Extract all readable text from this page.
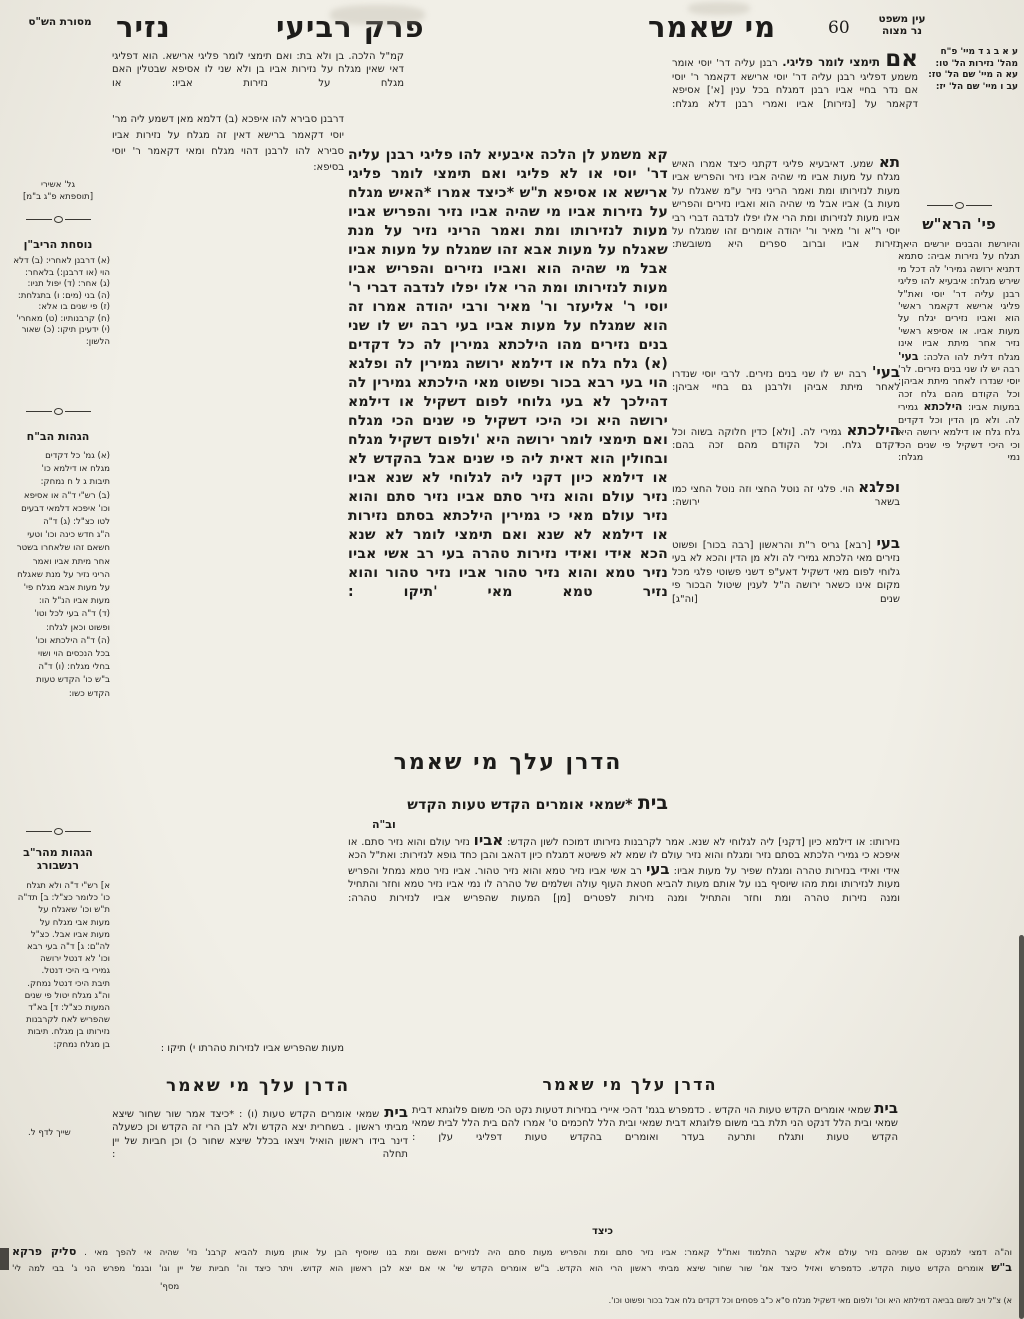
מסורת הש"ס נזיר	פרק רביעי	מי שאמר	60	עין משפט
נר מצוה
ע א ב ג ד מיי' פ"ח
מהל' נזירות הל' טו:
עא ה מיי' שם הל' טז:
עב ו מיי' שם הל' יז:
פי' הרא"ש
והיורשת והבנים יורשים היאך תגלח על נזירות אביה: סתמא דתניא ירושה גמירי' לה דכל מי שירש מגלח: איבעיא להו פליגי רבנן עליה דר' יוסי ואת"ל פליגי ארישא דקאמר ראשי' הוא ואביו נזירים יגלח על מעות אביו. או אסיפא ראשי' נזיר אחר מיתת אביו אינו מגלח דלית להו הלכה: בעי' רבה יש לו שני בנים נזירים. לר' יוסי שנדרו לאחר מיתת אביהן: וכל הקודם מהם גלח זכה במעות אביו: הילכתא גמירי לה. ולא מן הדין וכל דקדים גלח גלח או דילמא ירושה היא וכי היכי דשקיל פי שנים הכי נמי מגלח:
גל' אשירי
[תוספתא פ"ג ב"מ]
נוסחת הריב"ן
(א) דרבנן לאחרי: (ב) דלא
הוי (או דרבנן:) בלאחר:
(ג) אחר: (ד) יפול תניו:
(ה) בני (מים: ו) בתגלחת:
(ז) פי שנים בו אלא:
(ח) קרבנותיו: (ט) מאחרי'
(י) ידעינן תיקו: (כ) שאור
הלשון:
הגהות הב"ח
(א) גמ' כל דקדים
מגלח או דילמא כו'
תיבות ג ל ח נמחק:
(ב) רש"י ד"ה או אסיפא
וכו' איפכא דלמאי דבעים
לטו כצ"ל: (ג) ד"ה
ה"ג חדש כינה וכו' וטעי
חשאם זהו שלאחרו בשטר
אחר מיתת אביו ואמר
הריני נזיר על מנת שאגלח
על מעות אבא מגלח פי'
מעות אביו הנ"ל הו:
(ד) ד"ה בעי לכל וטו'
ופשוט וכאן לגלח:
(ה) ד"ה הילכתא וכו'
בכל הנכסים הוי ושוי
בחלי מגלח: (ו) ד"ה
ב"ש כו' הקדש טעות
הקדש כשו:
הגהות מהר"ב
רנשבורג
א] רש"י ד"ה ולא תגלח
כו' כלומר כצ"ל: ב] תד"ה
ת"ש וכו' שאגלח על
מעות אבי מגלח על
מעות אביו אבל. כצ"ל
לה"ם: ג] ד"ה בעי רבא
וכו' לא דנטל ירושה
גמירי בי היכי דנטל.
תיבת היכי דנטל נמחק.
וה"ג מגלח יטול פי שנים
המעות כצ"ל: ד] בא"ד
שהפריש לאח לקרבנות
נזירותו בן מגלח. תיבות
בן מגלח נמחק:
שייך לדף ל.
קמ"ל הלכה. בן ולא בת: ואם תימצי לומר פליגי ארישא. הוא דפליגי דאי שאין מגלח על נזירות אביו בן ולא שני לו אסיפא שבטלין האם מגלח על נזירות אביו: או
דרבנן סבירא להו איפכא (ב) דלמא מאן דשמע ליה מר' יוסי דקאמר ברישא דאין זה מגלח על נזירות אביו סבירא להו לרבנן דהוי מגלח ומאי דקאמר ר' יוסי בסיפא:
מעות שהפריש אביו לנזירות טהרתו י) תיקו :
הדרן עלך מי שאמר
בית שמאי אומרים הקדש טעות (ו) : *כיצד אמר שור שחור שיצא מביתי ראשון . בשחרית יצא הקדש ולא לבן הרי זה הקדש וכן כשעלה דינר בידו ראשון הואיל ויצאו בכלל שיצא שחור כ) וכן חביות של יין תחלה :
אם תימצי לומר פליגי. רבנן עליה דר' יוסי אומר משמע דפליגי רבנן עליה דר' יוסי ארישא דקאמר ר' יוסי אם נדר בחיי אביו רבנן דמגלח בכל ענין [א'] אסיפא דקאמר על [נזירות] אביו ואמרי רבנן דלא מגלח:
תא שמע. דאיבעיא פליגי דקתני כיצד אמרו האיש מגלח על מעות אביו מי שהיה אביו נזיר והפריש אביו מעות לנזירותו ומת ואמר הריני נזיר ע"מ שאגלח על מעות ב) אביו אבל מי שהיה הוא ואביו נזירים והפריש אביו מעות לנזירותו ומת הרי אלו יפלו לנדבה דברי רבי יוסי ר"א ור' מאיר ור' יהודה אומרים זהו שמגלח על נזירות אביו וברוב ספרים היא משובשת:
בעי' רבה יש לו שני בנים נזירים. לרבי יוסי שנדרו לאחר מיתת אביהן ולרבנן גם בחיי אביהן:
הילכתא גמירי לה. [ולא] כדין חלוקה בשוה וכל דקדם גלח. וכל הקודם מהם זכה בהם:
ופלגא הוי. פלגי זה נוטל החצי וזה נוטל החצי כמו בשאר ירושה:
בעי [רבא] גריס ר"ת והראשון [רבה בכור] ופשוט נזירים מאי הלכתא גמירי לה ולא מן הדין והכא לא בעי גלוחי לפום מאי דשקיל דאע"פ דשני פשוטי פלגי מכל מקום אינו כשאר ירושה ה"ל לענין שיטול הבכור פי שנים [וה"ג]
קא משמע לן הלכה איבעיא להו פליגי רבנן עליה דר' יוסי או לא פליגי ואם תימצי לומר פליגי ארישא או אסיפא ת"ש *כיצד אמרו *האיש מגלח על נזירות אביו מי שהיה אביו נזיר והפריש אביו מעות לנזירותו ומת ואמר הריני נזיר על מנת שאגלח על מעות אבא זהו שמגלח על מעות אביו אבל מי שהיה הוא ואביו נזירים והפריש אביו מעות לנזירותו ומת הרי אלו יפלו לנדבה דברי ר' יוסי ר' אליעזר ור' מאיר ורבי יהודה אמרו זה הוא שמגלח על מעות אביו בעי רבה יש לו שני בנים נזירים מהו הילכתא גמירין לה כל דקדים (א) גלח גלח או דילמא ירושה גמירין לה ופלגא הוי בעי רבא בכור ופשוט מאי הילכתא גמירין לה דהילכך לא בעי גלוחי לפום דשקיל או דילמא ירושה היא וכי היכי דשקיל פי שנים הכי מגלח ואם תימצי לומר ירושה היא 'ולפום דשקיל מגלח ובחולין הוא דאית ליה פי שנים אבל בהקדש לא או דילמא כיון דקני ליה לגלוחי לא שנא אביו נזיר עולם והוא נזיר סתם אביו נזיר סתם והוא נזיר עולם מאי כי גמירין הילכתא בסתם נזירות או דילמא לא שנא ואם תימצי לומר לא שנא הכא אידי ואידי נזירות טהרה בעי רב אשי אביו נזיר טמא והוא נזיר טהור אביו נזיר טהור והוא נזיר טמא מאי 'תיקו :
הדרן עלך מי שאמר
בית *שמאי אומרים הקדש טעות הקדש
וב"ה
נזירותו: או דילמא כיון [דקני] ליה לגלוחי לא שנא. אמר לקרבנות נזירותו דמוכח לשון הקדש: אביו נזיר עולם והוא נזיר סתם. או איפכא כי גמירי הלכתא בסתם נזיר ומגלח והוא נזיר עולם לו שמא לא פשיטא דמגלח כיון דהאב והבן כחד גופא לנזירות: ואת"ל הכא אידי ואידי בנזירות טהרה ומגלח שפיר על מעות אביו: בעי רב אשי אביו נזיר טמא והוא נזיר טהור. אביו נזיר טמא נמחל והפריש מעות לנזירותו ומת מהו שיוסיף בנו על אותם מעות להביא חטאת העוף עולה ושלמים של טהרה לו נמי אביו נזיר טמא וחזר והתחיל ומנה נזירות טהרה ומת וחזר והתחיל ומנה נזירות לפטרים [מן] המעות שהפריש אביו לנזירות טהרה:
הדרן עלך מי שאמר
בית שמאי אומרים הקדש טעות הוי הקדש . כדמפרש בגמ' דהכי איירי בנזירות דטעות נקט הכי משום פלוגתא דבית שמאי ובית הלל דנקט הני תלת בבי משום פלוגתא דבית שמאי ובית הלל לחכמים ט' אמרו להם בית הלל לבית שמאי הקדש טעות ותגלח ותרעה בעדר ואומרים בהקדש טעות דפליגי עלן :
כיצד
וה"ה דמצי למנקט אם שניהם נזיר עולם אלא שקצר התלמוד ואת"ל קאמר: אביו נזיר סתם ומת והפריש מעות סתם היה לנזירים ואשם ומת בנו שיוסיף הבן על אותן מעות להביא קרבנ' נזי' שהיה אי להפך מאי . סליק פרקא
ב"ש אומרים הקדש טעות הקדש. כדמפרש ואזיל כיצד אמ' שור שחור שיצא מביתי ראשון הרי הוא הקדש. ב"ש אומרים הקדש שי' אי אם יצא לבן ראשון הוא קדוש. ויתר כיצד וה' חביות של יין וגו' ובגמ' מפרש הני ג' בבי למה לי'
מסף'
א) צ"ל ויב לשום בביאה דמילתא היא וכו' ולפום מאי דשקיל מגלח ס"א כ"ב פסחים וכל דקדים גלח אבל בכור ופשוט וכו'.
